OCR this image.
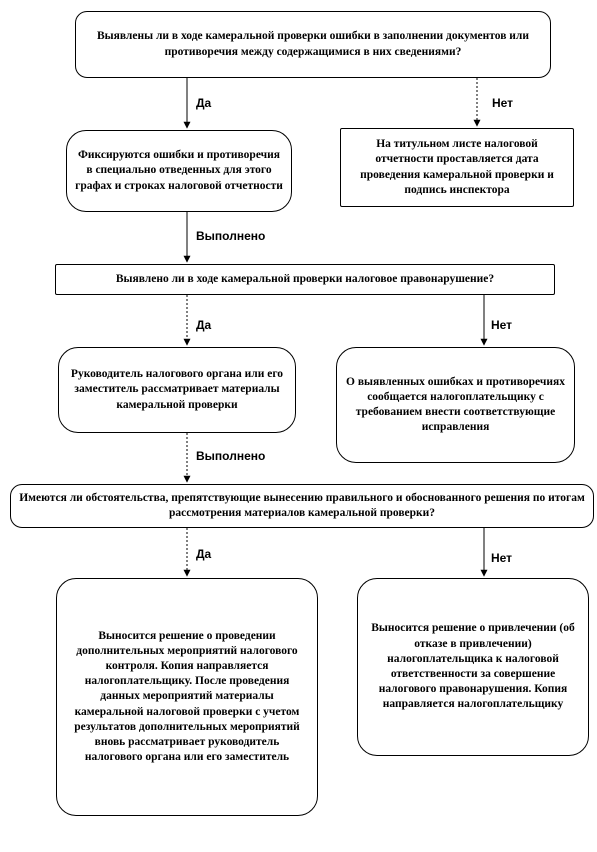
Выявлены ли в ходе камеральной проверки ошибки в заполнении документов или противоречия между содержащимися в них сведениями?
Фиксируются ошибки и противоречия в специально отведенных для этого графах и строках налоговой отчетности
На титульном листе налоговой отчетности проставляется дата проведения камеральной проверки и подпись инспектора
Выявлено ли в ходе камеральной проверки налоговое правонарушение?
Руководитель налогового органа или его заместитель рассматривает материалы камеральной проверки
О выявленных ошибках и противоречиях сообщается налогоплательщику с требованием внести соответствующие исправления
Имеются ли обстоятельства, препятствующие вынесению правильного и обоснованного решения по итогам рассмотрения материалов камеральной проверки?
Выносится решение о проведении дополнительных мероприятий налогового контроля. Копия направляется налогоплательщику. После проведения данных мероприятий материалы камеральной налоговой проверки с учетом результатов дополнительных мероприятий вновь рассматривает руководитель налогового органа или его заместитель
Выносится решение о привлечении (об отказе в привлечении) налогоплательщика к налоговой ответственности за совершение налогового правонарушения. Копия направляется налогоплательщику
Да	Нет
Выполнено
Да	Нет
Выполнено
Да	Нет
